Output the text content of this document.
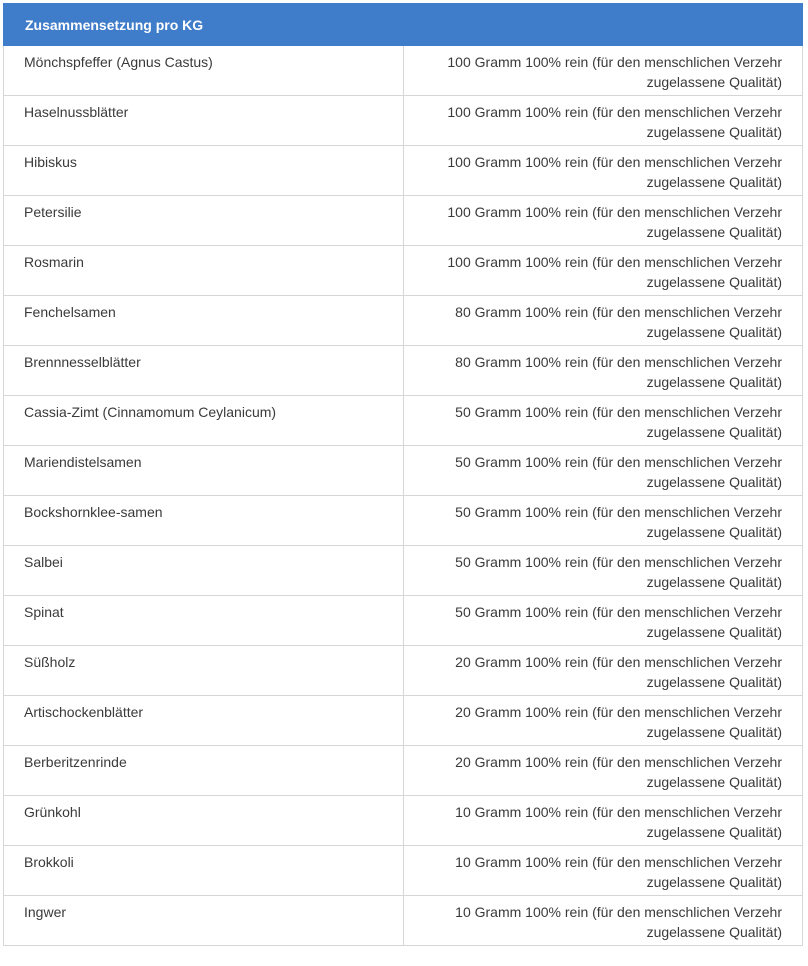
Zusammensetzung pro KG	
Mönchspfeffer (Agnus Castus)	100 Gramm 100% rein (für den menschlichen Verzehr zugelassene Qualität)
Haselnussblätter	100 Gramm 100% rein (für den menschlichen Verzehr zugelassene Qualität)
Hibiskus	100 Gramm 100% rein (für den menschlichen Verzehr zugelassene Qualität)
Petersilie	100 Gramm 100% rein (für den menschlichen Verzehr zugelassene Qualität)
Rosmarin	100 Gramm 100% rein (für den menschlichen Verzehr zugelassene Qualität)
Fenchelsamen	80 Gramm 100% rein (für den menschlichen Verzehr zugelassene Qualität)
Brennnesselblätter	80 Gramm 100% rein (für den menschlichen Verzehr zugelassene Qualität)
Cassia-Zimt (Cinnamomum Ceylanicum)	50 Gramm 100% rein (für den menschlichen Verzehr zugelassene Qualität)
Mariendistelsamen	50 Gramm 100% rein (für den menschlichen Verzehr zugelassene Qualität)
Bockshornklee-samen	50 Gramm 100% rein (für den menschlichen Verzehr zugelassene Qualität)
Salbei	50 Gramm 100% rein (für den menschlichen Verzehr zugelassene Qualität)
Spinat	50 Gramm 100% rein (für den menschlichen Verzehr zugelassene Qualität)
Süßholz	20 Gramm 100% rein (für den menschlichen Verzehr zugelassene Qualität)
Artischockenblätter	20 Gramm 100% rein (für den menschlichen Verzehr zugelassene Qualität)
Berberitzenrinde	20 Gramm 100% rein (für den menschlichen Verzehr zugelassene Qualität)
Grünkohl	10 Gramm 100% rein (für den menschlichen Verzehr zugelassene Qualität)
Brokkoli	10 Gramm 100% rein (für den menschlichen Verzehr zugelassene Qualität)
Ingwer	10 Gramm 100% rein (für den menschlichen Verzehr zugelassene Qualität)
